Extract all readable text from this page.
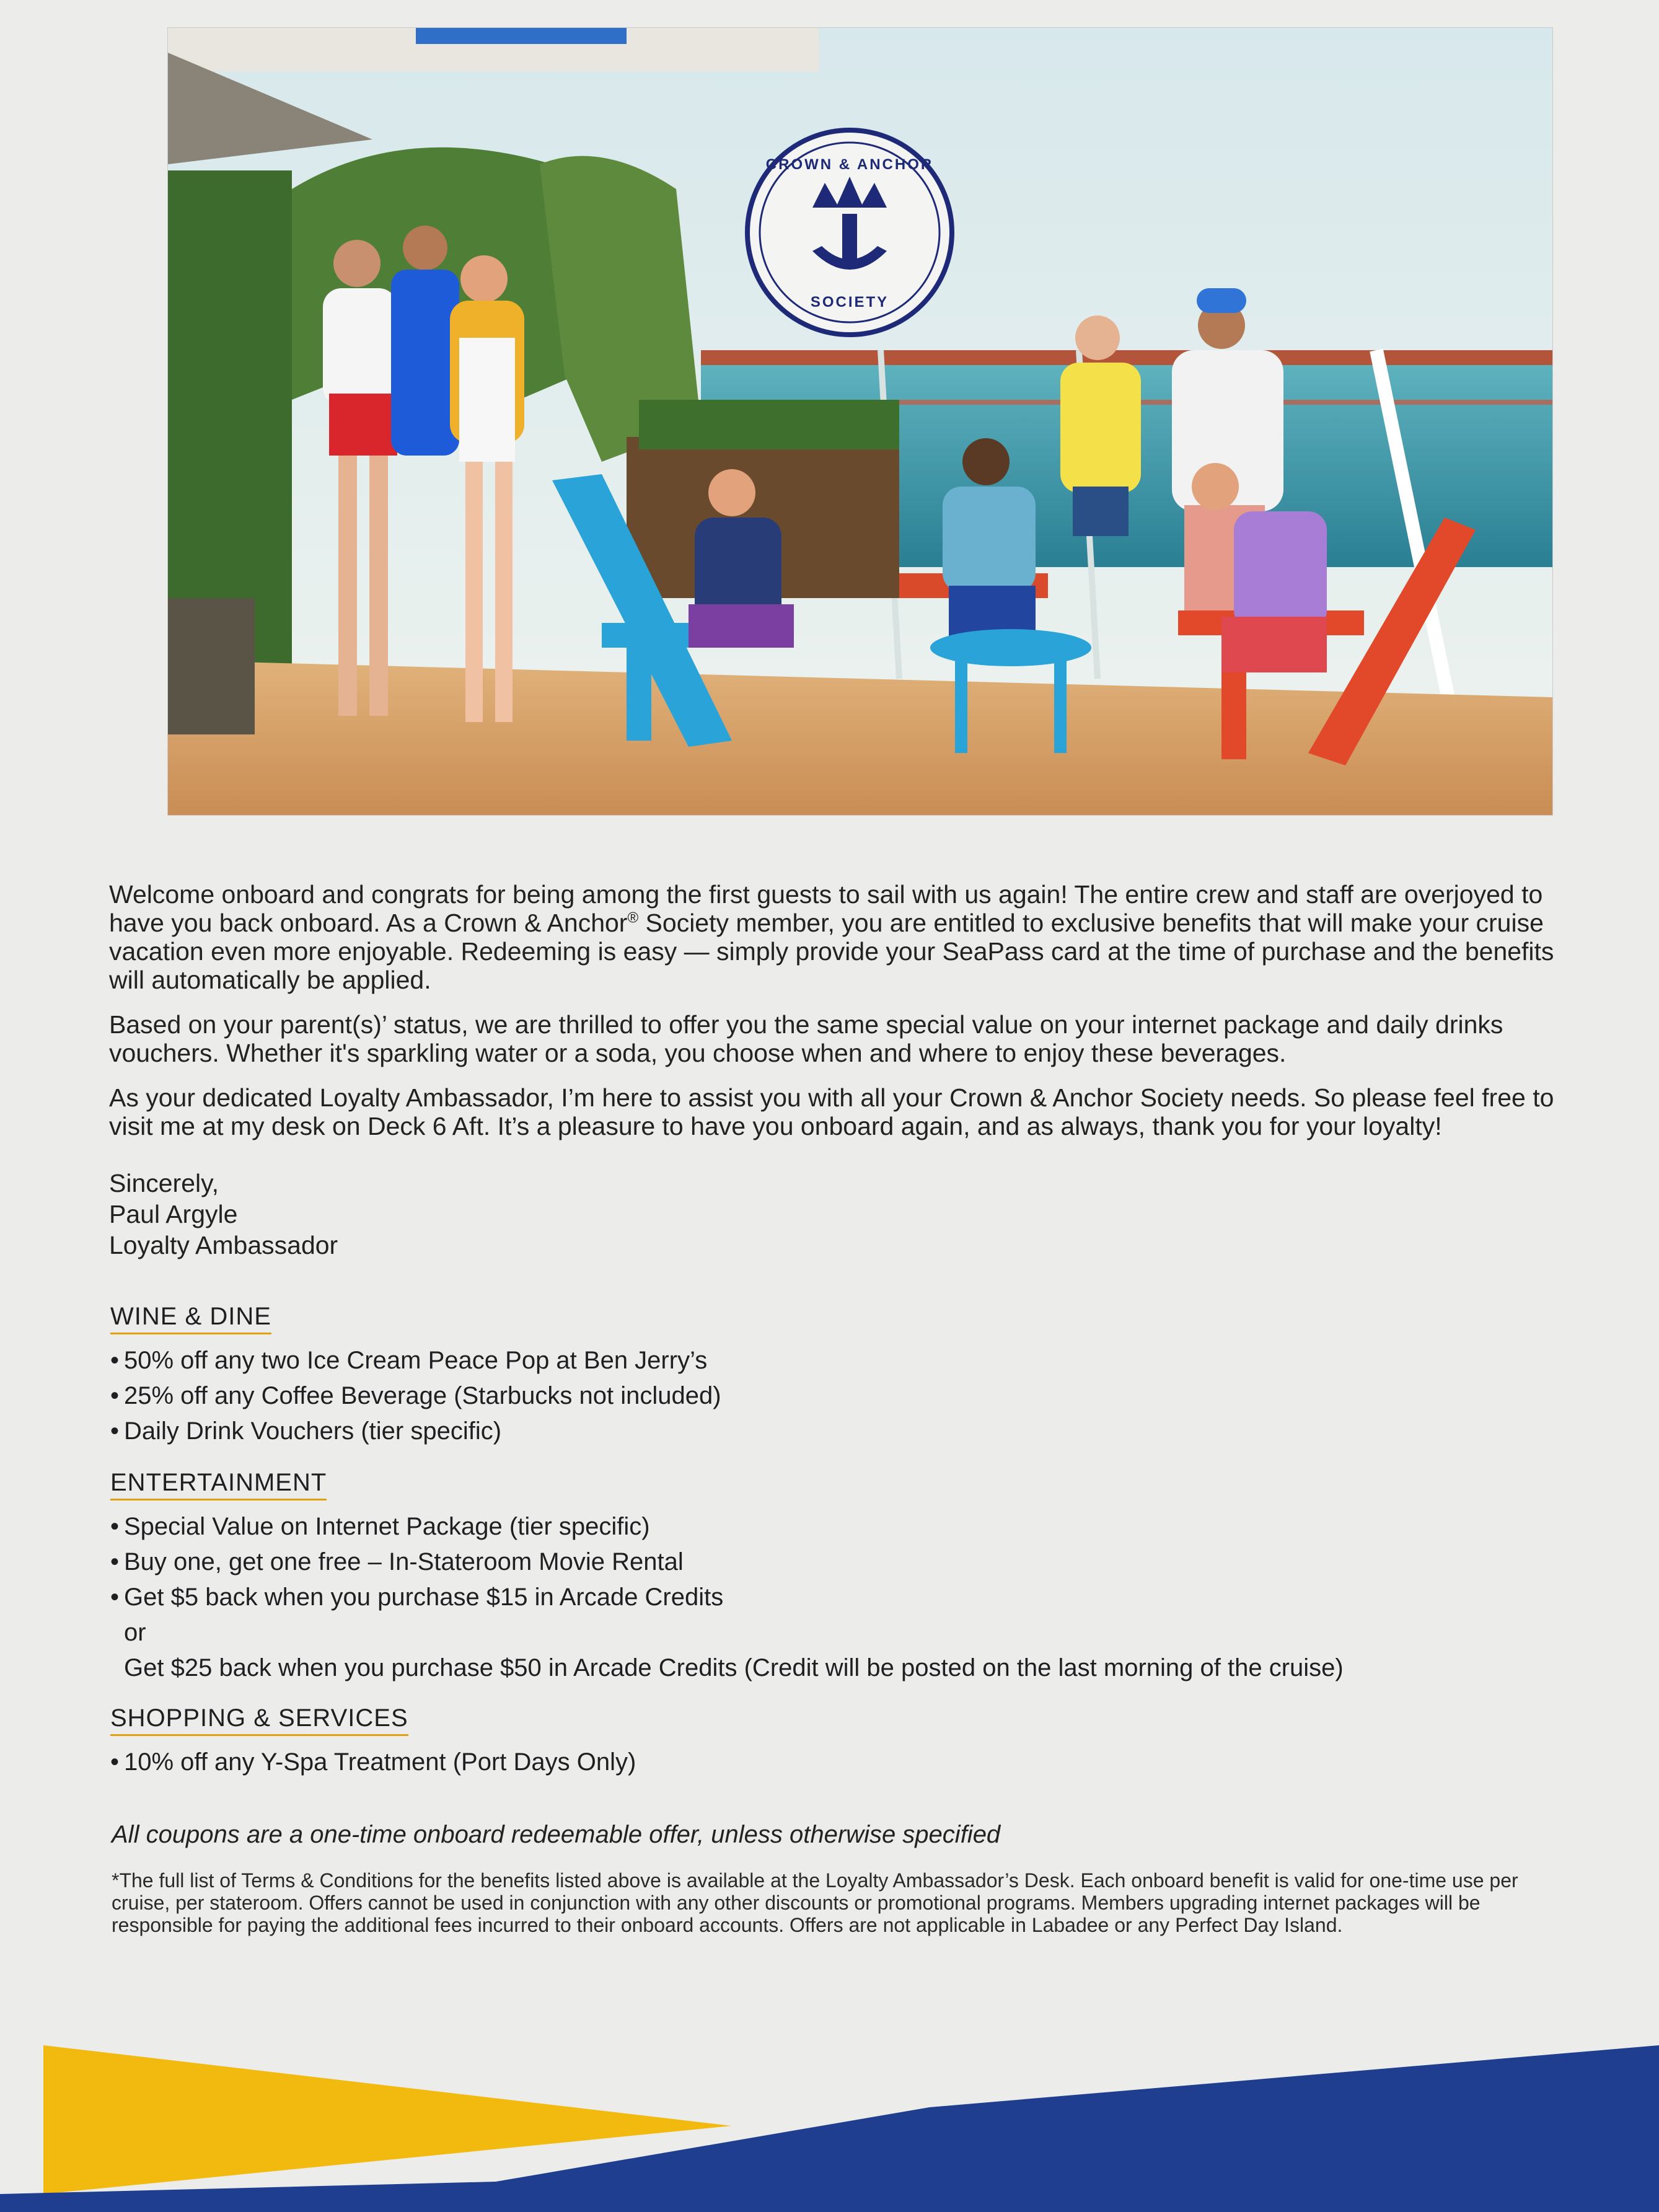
CROWN & ANCHOR
SOCIETY

Welcome onboard and congrats for being among the first guests to sail with us again! The entire crew and staff are overjoyed to have you back onboard. As a Crown & Anchor® Society member, you are entitled to exclusive benefits that will make your cruise vacation even more enjoyable. Redeeming is easy — simply provide your SeaPass card at the time of purchase and the benefits will automatically be applied.

Based on your parent(s)’ status, we are thrilled to offer you the same special value on your internet package and daily drinks vouchers. Whether it's sparkling water or a soda, you choose when and where to enjoy these beverages.

As your dedicated Loyalty Ambassador, I’m here to assist you with all your Crown & Anchor Society needs. So please feel free to visit me at my desk on Deck 6 Aft. It’s a pleasure to have you onboard again, and as always, thank you for your loyalty!

Sincerely,
Paul Argyle
Loyalty Ambassador
WINE & DINE
• 50% off any two Ice Cream Peace Pop at Ben Jerry’s
• 25% off any Coffee Beverage (Starbucks not included)
• Daily Drink Vouchers (tier specific)
ENTERTAINMENT
• Special Value on Internet Package (tier specific)
• Buy one, get one free – In-Stateroom Movie Rental
• Get $5 back when you purchase $15 in Arcade Credits
or
Get $25 back when you purchase $50 in Arcade Credits (Credit will be posted on the last morning of the cruise)
SHOPPING & SERVICES
• 10% off any Y-Spa Treatment (Port Days Only)
All coupons are a one-time onboard redeemable offer, unless otherwise specified
*The full list of Terms & Conditions for the benefits listed above is available at the Loyalty Ambassador’s Desk. Each onboard benefit is valid for one-time use per cruise, per stateroom. Offers cannot be used in conjunction with any other discounts or promotional programs. Members upgrading internet packages will be responsible for paying the additional fees incurred to their onboard accounts. Offers are not applicable in Labadee or any Perfect Day Island.
